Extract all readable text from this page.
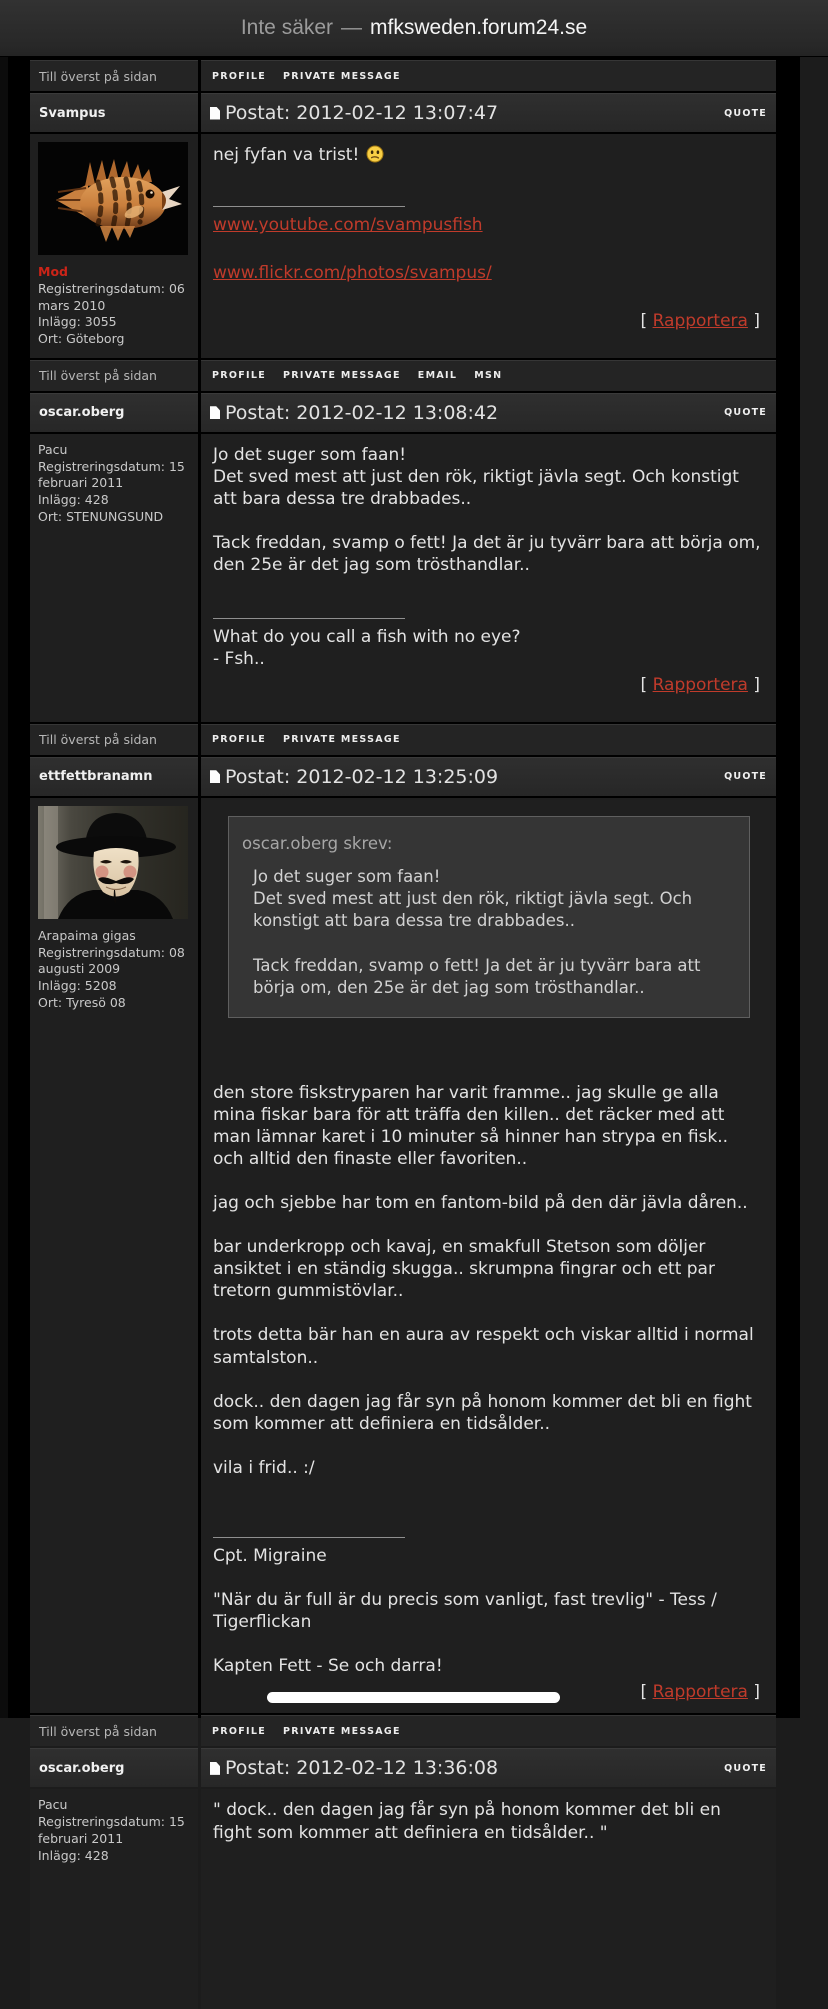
Inte säker — mfksweden.forum24.se
Till överst på sidan	PROFILE PRIVATE MESSAGE
Svampus	Postat: 2012-02-12 13:07:47	QUOTE
Mod
Registreringsdatum: 06 mars 2010
Inlägg: 3055
Ort: Göteborg
nej fyfan va trist!
www.youtube.com/svampusfish
www.flickr.com/photos/svampus/
[ Rapportera ]
Till överst på sidan	PROFILE PRIVATE MESSAGE EMAIL MSN
oscar.oberg	Postat: 2012-02-12 13:08:42	QUOTE
Pacu
Registreringsdatum: 15 februari 2011
Inlägg: 428
Ort: STENUNGSUND
Jo det suger som faan!
Det sved mest att just den rök, riktigt jävla segt. Och konstigt att bara dessa tre drabbades..
Tack freddan, svamp o fett! Ja det är ju tyvärr bara att börja om, den 25e är det jag som trösthandlar..
What do you call a fish with no eye?
- Fsh..
[ Rapportera ]
Till överst på sidan	PROFILE PRIVATE MESSAGE
ettfettbranamn	Postat: 2012-02-12 13:25:09	QUOTE
Arapaima gigas
Registreringsdatum: 08 augusti 2009
Inlägg: 5208
Ort: Tyresö 08
oscar.oberg skrev:
Jo det suger som faan!
Det sved mest att just den rök, riktigt jävla segt. Och konstigt att bara dessa tre drabbades..
Tack freddan, svamp o fett! Ja det är ju tyvärr bara att börja om, den 25e är det jag som trösthandlar..
den store fiskstryparen har varit framme.. jag skulle ge alla mina fiskar bara för att träffa den killen.. det räcker med att man lämnar karet i 10 minuter så hinner han strypa en fisk.. och alltid den finaste eller favoriten..
jag och sjebbe har tom en fantom-bild på den där jävla dåren..
bar underkropp och kavaj, en smakfull Stetson som döljer ansiktet i en ständig skugga.. skrumpna fingrar och ett par tretorn gummistövlar..
trots detta bär han en aura av respekt och viskar alltid i normal samtalston..
dock.. den dagen jag får syn på honom kommer det bli en fight som kommer att definiera en tidsålder..
vila i frid.. :/
Cpt. Migraine
"När du är full är du precis som vanligt, fast trevlig" - Tess / Tigerflickan
Kapten Fett - Se och darra!
[ Rapportera ]
Till överst på sidan	PROFILE PRIVATE MESSAGE
oscar.oberg	Postat: 2012-02-12 13:36:08	QUOTE
Pacu
Registreringsdatum: 15 februari 2011
Inlägg: 428
" dock.. den dagen jag får syn på honom kommer det bli en fight som kommer att definiera en tidsålder.. "
